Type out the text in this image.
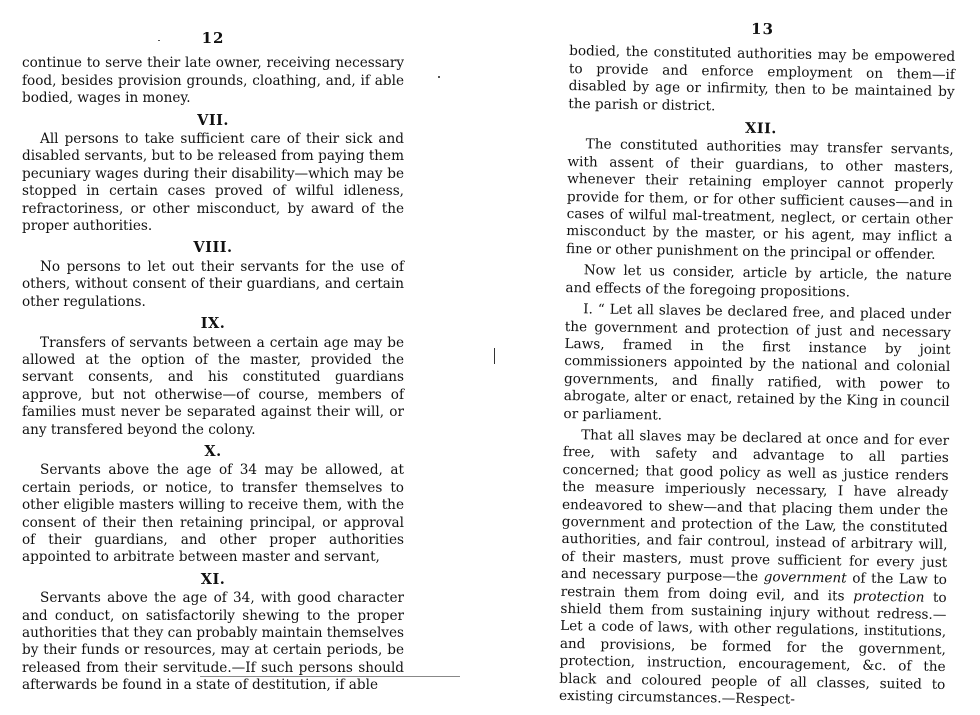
12

continue to serve their late owner, receiving necessary food, besides provision grounds, cloathing, and, if able bodied, wages in money.

VII.

All persons to take sufficient care of their sick and disabled servants, but to be released from paying them pecuniary wages during their disability—which may be stopped in certain cases proved of wilful idleness, refractoriness, or other misconduct, by award of the proper authorities.

VIII.

No persons to let out their servants for the use of others, without consent of their guardians, and certain other regulations.

IX.

Transfers of servants between a certain age may be allowed at the option of the master, provided the servant consents, and his constituted guardians approve, but not otherwise—of course, members of families must never be separated against their will, or any transfered beyond the colony.

X.

Servants above the age of 34 may be allowed, at certain periods, or notice, to transfer themselves to other eligible masters willing to receive them, with the consent of their then retaining principal, or approval of their guardians, and other proper authorities appointed to arbitrate between master and servant,

XI.

Servants above the age of 34, with good character and conduct, on satisfactorily shewing to the proper authorities that they can probably maintain themselves by their funds or resources, may at certain periods, be released from their servitude.—If such persons should afterwards be found in a state of destitution, if able

13

bodied, the constituted authorities may be empowered to provide and enforce employment on them—if disabled by age or infirmity, then to be maintained by the parish or district.

XII.

The constituted authorities may transfer servants, with assent of their guardians, to other masters, whenever their retaining employer cannot properly provide for them, or for other sufficient causes—and in cases of wilful mal-treatment, neglect, or certain other misconduct by the master, or his agent, may inflict a fine or other punishment on the principal or offender.

Now let us consider, article by article, the nature and effects of the foregoing propositions.

I. “ Let all slaves be declared free, and placed under the government and protection of just and necessary Laws, framed in the first instance by joint commissioners appointed by the national and colonial governments, and finally ratified, with power to abrogate, alter or enact, retained by the King in council or parliament.

That all slaves may be declared at once and for ever free, with safety and advantage to all parties concerned; that good policy as well as justice renders the measure imperiously necessary, I have already endeavored to shew—and that placing them under the government and protection of the Law, the constituted authorities, and fair controul, instead of arbitrary will, of their masters, must prove sufficient for every just and necessary purpose—the government of the Law to restrain them from doing evil, and its protection to shield them from sustaining injury without redress.—Let a code of laws, with other regulations, institutions, and provisions, be formed for the government, protection, instruction, encouragement, &c. of the black and coloured people of all classes, suited to existing circumstances.—Respect-
